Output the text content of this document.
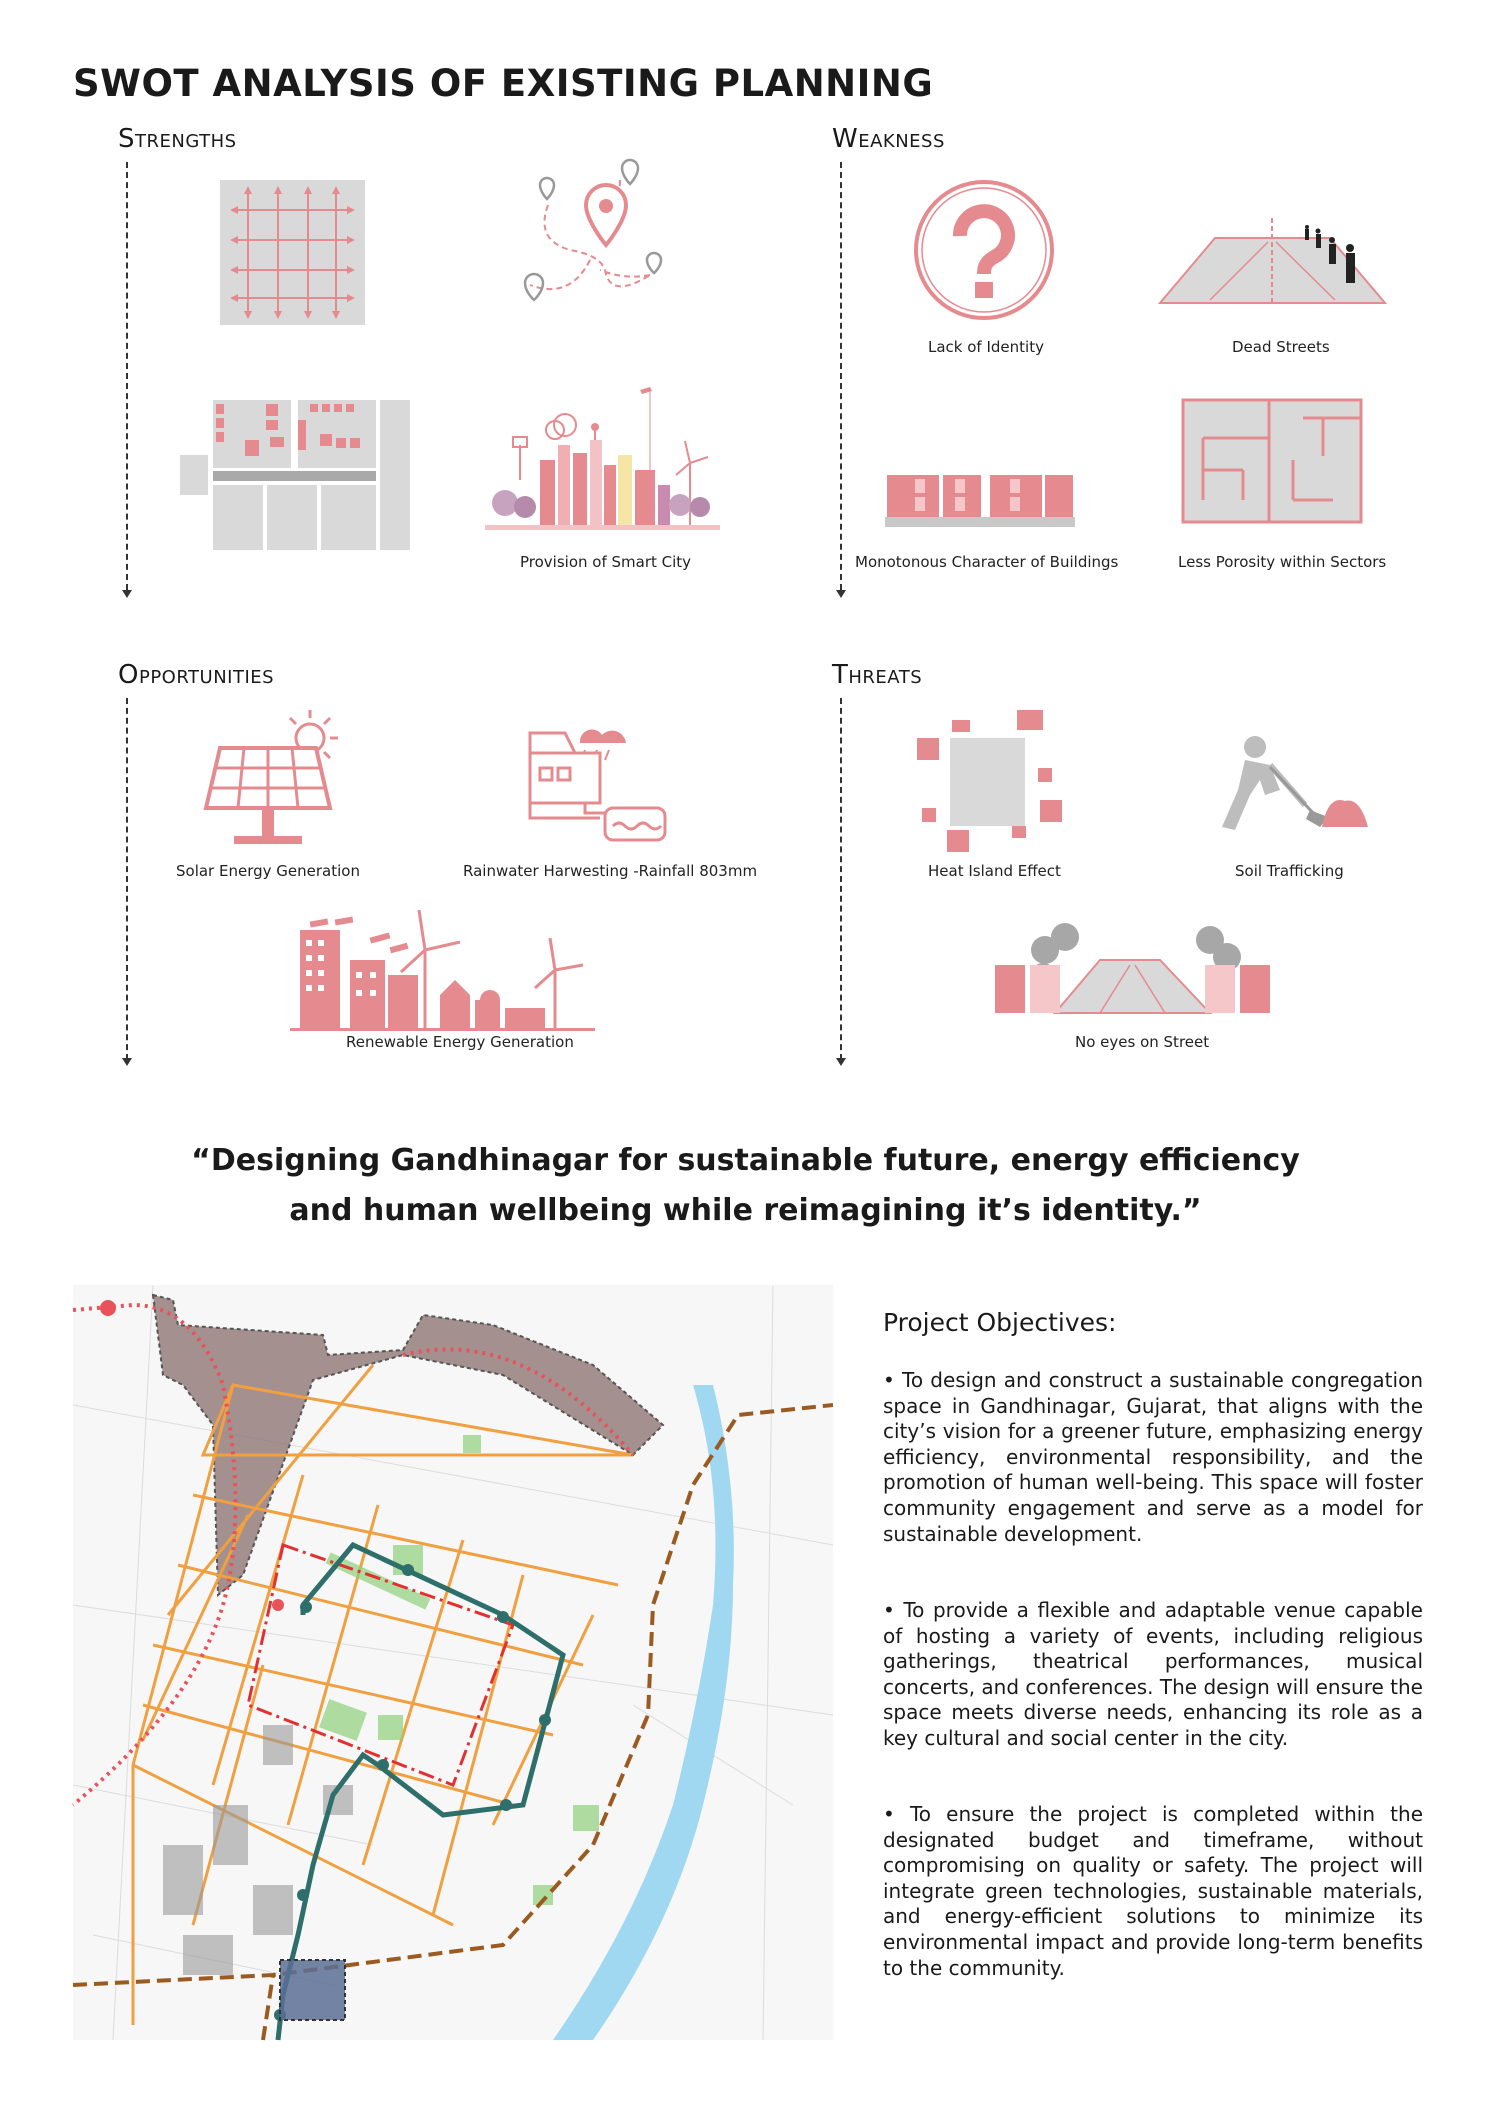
SWOT ANALYSIS OF EXISTING PLANNING
Strengths
Provision of Smart City
Weakness
Lack of Identity	Dead Streets
Monotonous Character of Buildings	Less Porosity within Sectors
Opportunities
Solar Energy Generation	Rainwater Harwesting -Rainfall 803mm
Renewable Energy Generation
Threats
Heat Island Effect	Soil Trafficking
No eyes on Street
“Designing Gandhinagar for sustainable future, energy efficiency
and human wellbeing while reimagining it’s identity.”
Project Objectives:
• To design and construct a sustainable congregation space in Gandhinagar, Gujarat, that aligns with the city’s vision for a greener future, emphasizing energy efficiency, environmental responsibility, and the promotion of human well-being. This space will foster community engagement and serve as a model for sustainable development.
• To provide a flexible and adaptable venue capable of hosting a variety of events, including religious gatherings, theatrical performances, musical concerts, and conferences. The design will ensure the space meets diverse needs, enhancing its role as a key cultural and social center in the city.
• To ensure the project is completed within the designated budget and timeframe, without compromising on quality or safety. The project will integrate green technologies, sustainable materials, and energy-efficient solutions to minimize its environmental impact and provide long-term benefits to the community.
